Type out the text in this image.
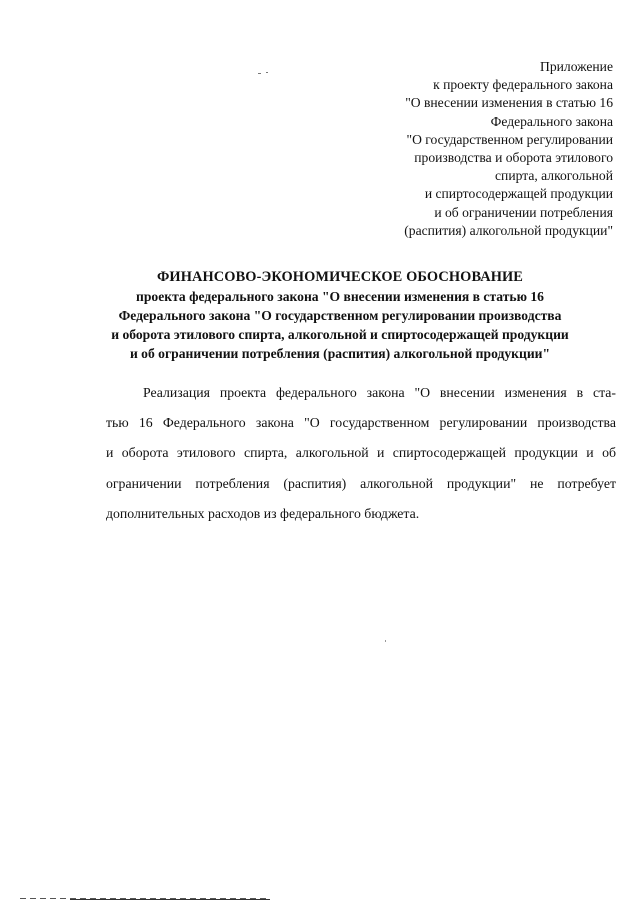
Приложение
к проекту федерального закона
"О внесении изменения в статью 16
Федерального закона
"О государственном регулировании
производства и оборота этилового
спирта, алкогольной
и спиртосодержащей продукции
и об ограничении потребления
(распития) алкогольной продукции"
ФИНАНСОВО-ЭКОНОМИЧЕСКОЕ ОБОСНОВАНИЕ
проекта федерального закона "О внесении изменения в статью 16
Федерального закона "О государственном регулировании производства
и оборота этилового спирта, алкогольной и спиртосодержащей продукции
и об ограничении потребления (распития) алкогольной продукции"
Реализация проекта федерального закона "О внесении изменения в ста-
тью 16 Федерального закона "О государственном регулировании производства
и оборота этилового спирта, алкогольной и спиртосодержащей продукции и об
ограничении потребления (распития) алкогольной продукции" не потребует
дополнительных расходов из федерального бюджета.
